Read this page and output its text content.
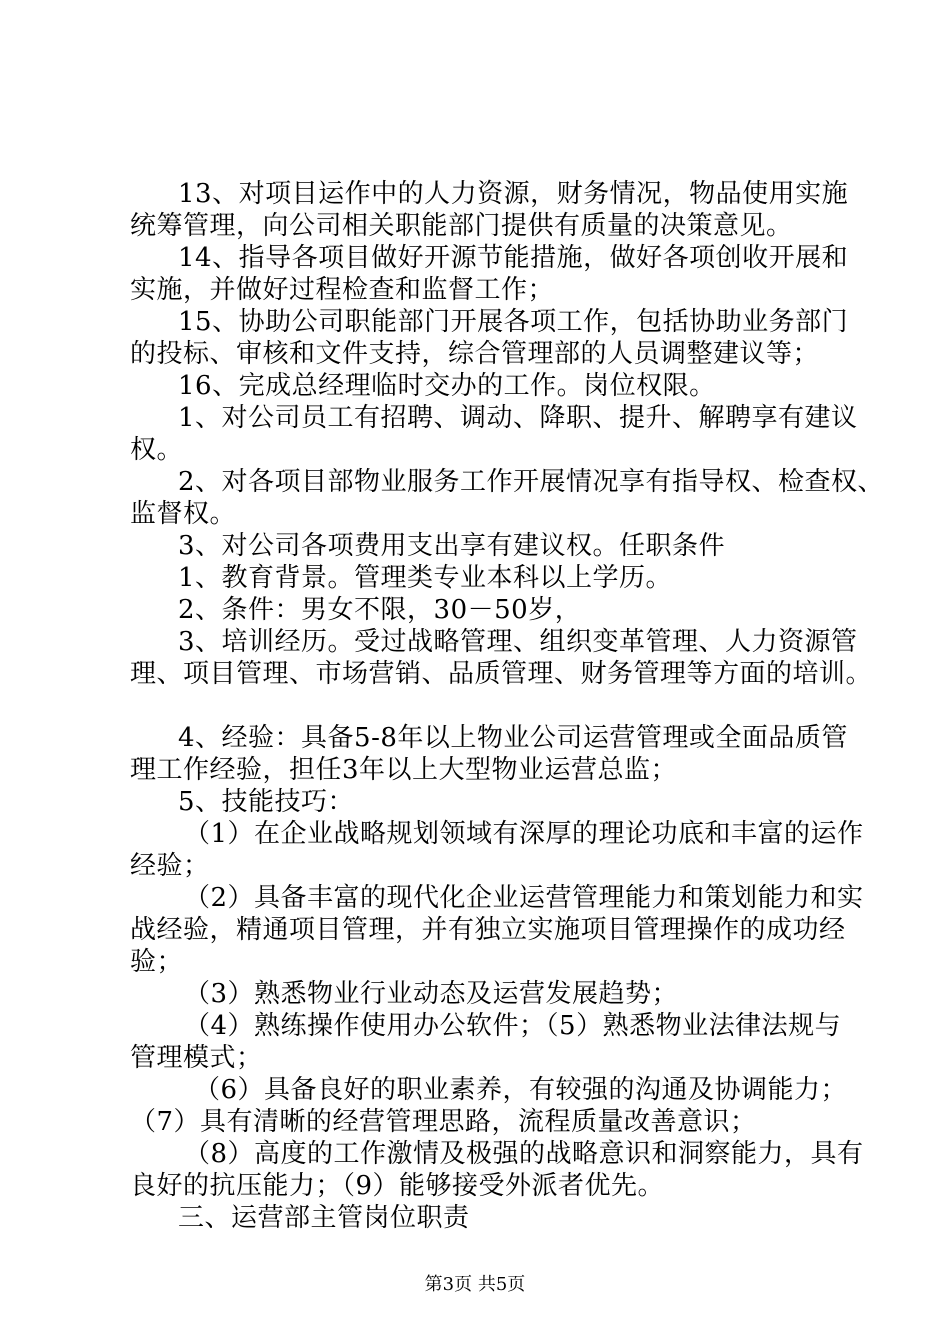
13、对项目运作中的人力资源，财务情况，物品使用实施
统筹管理，向公司相关职能部门提供有质量的决策意见。
14、指导各项目做好开源节能措施，做好各项创收开展和
实施，并做好过程检查和监督工作；
15、协助公司职能部门开展各项工作，包括协助业务部门
的投标、审核和文件支持，综合管理部的人员调整建议等；
16、完成总经理临时交办的工作。岗位权限。
1、对公司员工有招聘、调动、降职、提升、解聘享有建议
权。
2、对各项目部物业服务工作开展情况享有指导权、检查权、
监督权。
3、对公司各项费用支出享有建议权。任职条件
1、教育背景。管理类专业本科以上学历。
2、条件：男女不限，30－50岁，
3、培训经历。受过战略管理、组织变革管理、人力资源管
理、项目管理、市场营销、品质管理、财务管理等方面的培训。
4、经验：具备5-8年以上物业公司运营管理或全面品质管
理工作经验，担任3年以上大型物业运营总监；
5、技能技巧：
（1）在企业战略规划领域有深厚的理论功底和丰富的运作
经验；
（2）具备丰富的现代化企业运营管理能力和策划能力和实
战经验，精通项目管理，并有独立实施项目管理操作的成功经
验；
（3）熟悉物业行业动态及运营发展趋势；
（4）熟练操作使用办公软件；（5）熟悉物业法律法规与
管理模式；
（6）具备良好的职业素养，有较强的沟通及协调能力；
（7）具有清晰的经营管理思路，流程质量改善意识；
（8）高度的工作激情及极强的战略意识和洞察能力，具有
良好的抗压能力；（9）能够接受外派者优先。
三、运营部主管岗位职责
第3页 共5页
